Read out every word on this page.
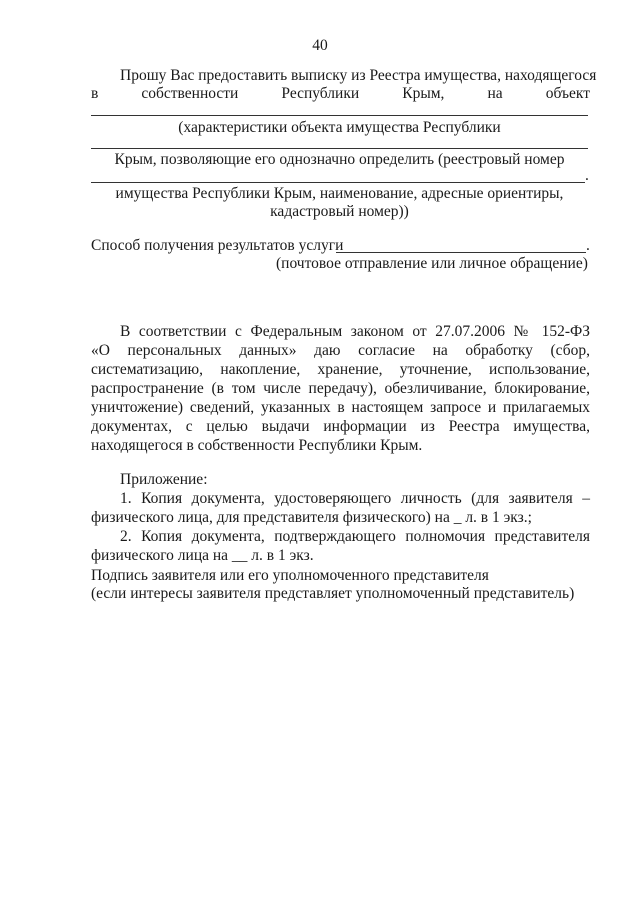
40
Прошу Вас предоставить выписку из Реестра имущества, находящегося
в	собственности	Республики	Крым,	на	объект
(характеристики объекта имущества Республики
Крым, позволяющие его однозначно определить (реестровый номер
.
имущества Республики Крым, наименование, адресные ориентиры,
кадастровый номер))
Способ получения результатов услуги	.
(почтовое отправление или личное обращение)
В соответствии с Федеральным законом от 27.07.2006 № 152-ФЗ
«О персональных данных» даю согласие на обработку (сбор,
систематизацию, накопление, хранение, уточнение, использование,
распространение (в том числе передачу), обезличивание, блокирование,
уничтожение) сведений, указанных в настоящем запросе и прилагаемых
документах, с целью выдачи информации из Реестра имущества,
находящегося в собственности Республики Крым.
Приложение:
1. Копия документа, удостоверяющего личность (для заявителя –
физического лица, для представителя физического) на _ л. в 1 экз.;
2. Копия документа, подтверждающего полномочия представителя
физического лица на __ л. в 1 экз.
Подпись заявителя или его уполномоченного представителя
(если интересы заявителя представляет уполномоченный представитель)
